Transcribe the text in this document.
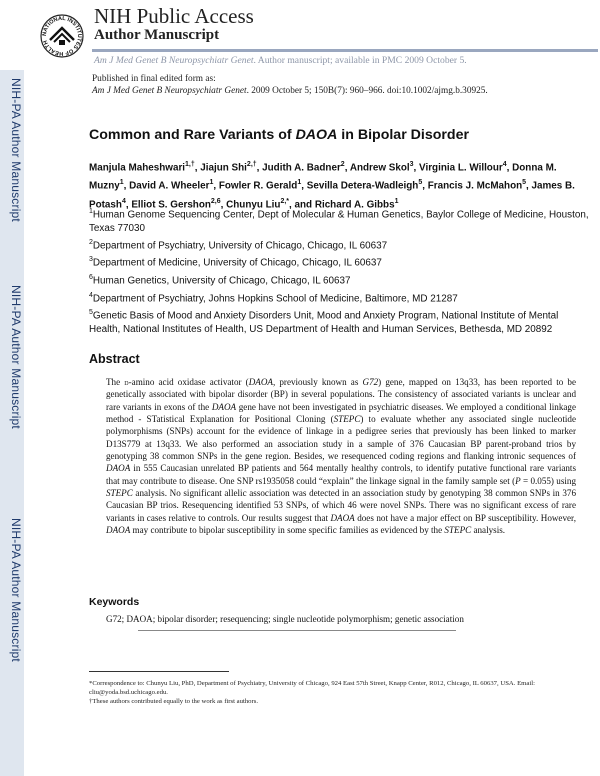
NIH-PA Author Manuscript
NIH-PA Author Manuscript
NIH-PA Author Manuscript
NATIONAL INSTITUTES OF HEALTH
NIH Public Access
Author Manuscript
Am J Med Genet B Neuropsychiatr Genet. Author manuscript; available in PMC 2009 October 5.
Published in final edited form as:
Am J Med Genet B Neuropsychiatr Genet. 2009 October 5; 150B(7): 960–966. doi:10.1002/ajmg.b.30925.
Common and Rare Variants of DAOA in Bipolar Disorder
Manjula Maheshwari$^{1,\dagger}$, Jiajun Shi$^{2,\dagger}$, Judith A. Badner$^2$, Andrew Skol$^3$, Virginia L. Willour$^4$, Donna M. Muzny$^1$, David A. Wheeler$^1$, Fowler R. Gerald$^1$, Sevilla Detera-Wadleigh$^5$, Francis J. McMahon$^5$, James B. Potash$^4$, Elliot S. Gershon$^{2,6}$, Chunyu Liu$^{2,*}$, and Richard A. Gibbs$^1$
$^1$Human Genome Sequencing Center, Dept of Molecular & Human Genetics, Baylor College of Medicine, Houston, Texas 77030
$^2$Department of Psychiatry, University of Chicago, Chicago, IL 60637
$^3$Department of Medicine, University of Chicago, Chicago, IL 60637
$^6$Human Genetics, University of Chicago, Chicago, IL 60637
$^4$Department of Psychiatry, Johns Hopkins School of Medicine, Baltimore, MD 21287
$^5$Genetic Basis of Mood and Anxiety Disorders Unit, Mood and Anxiety Program, National Institute of Mental Health, National Institutes of Health, US Department of Health and Human Services, Bethesda, MD 20892
Abstract
The d-amino acid oxidase activator (DAOA, previously known as G72) gene, mapped on 13q33, has been reported to be genetically associated with bipolar disorder (BP) in several populations. The consistency of associated variants is unclear and rare variants in exons of the DAOA gene have not been investigated in psychiatric diseases. We employed a conditional linkage method - STatistical Explanation for Positional Cloning (STEPC) to evaluate whether any associated single nucleotide polymorphisms (SNPs) account for the evidence of linkage in a pedigree series that previously has been linked to marker D13S779 at 13q33. We also performed an association study in a sample of 376 Caucasian BP parent-proband trios by genotyping 38 common SNPs in the gene region. Besides, we resequenced coding regions and flanking intronic sequences of DAOA in 555 Caucasian unrelated BP patients and 564 mentally healthy controls, to identify putative functional rare variants that may contribute to disease. One SNP rs1935058 could “explain” the linkage signal in the family sample set (P = 0.055) using STEPC analysis. No significant allelic association was detected in an association study by genotyping 38 common SNPs in 376 Caucasian BP trios. Resequencing identified 53 SNPs, of which 46 were novel SNPs. There was no significant excess of rare variants in cases relative to controls. Our results suggest that DAOA does not have a major effect on BP susceptibility. However, DAOA may contribute to bipolar susceptibility in some specific families as evidenced by the STEPC analysis.
Keywords
G72; DAOA; bipolar disorder; resequencing; single nucleotide polymorphism; genetic association
*Correspondence to: Chunyu Liu, PhD, Department of Psychiatry, University of Chicago, 924 East 57th Street, Knapp Center, R012, Chicago, IL 60637, USA. Email: cliu@yoda.bsd.uchicago.edu.
†These authors contributed equally to the work as first authors.
